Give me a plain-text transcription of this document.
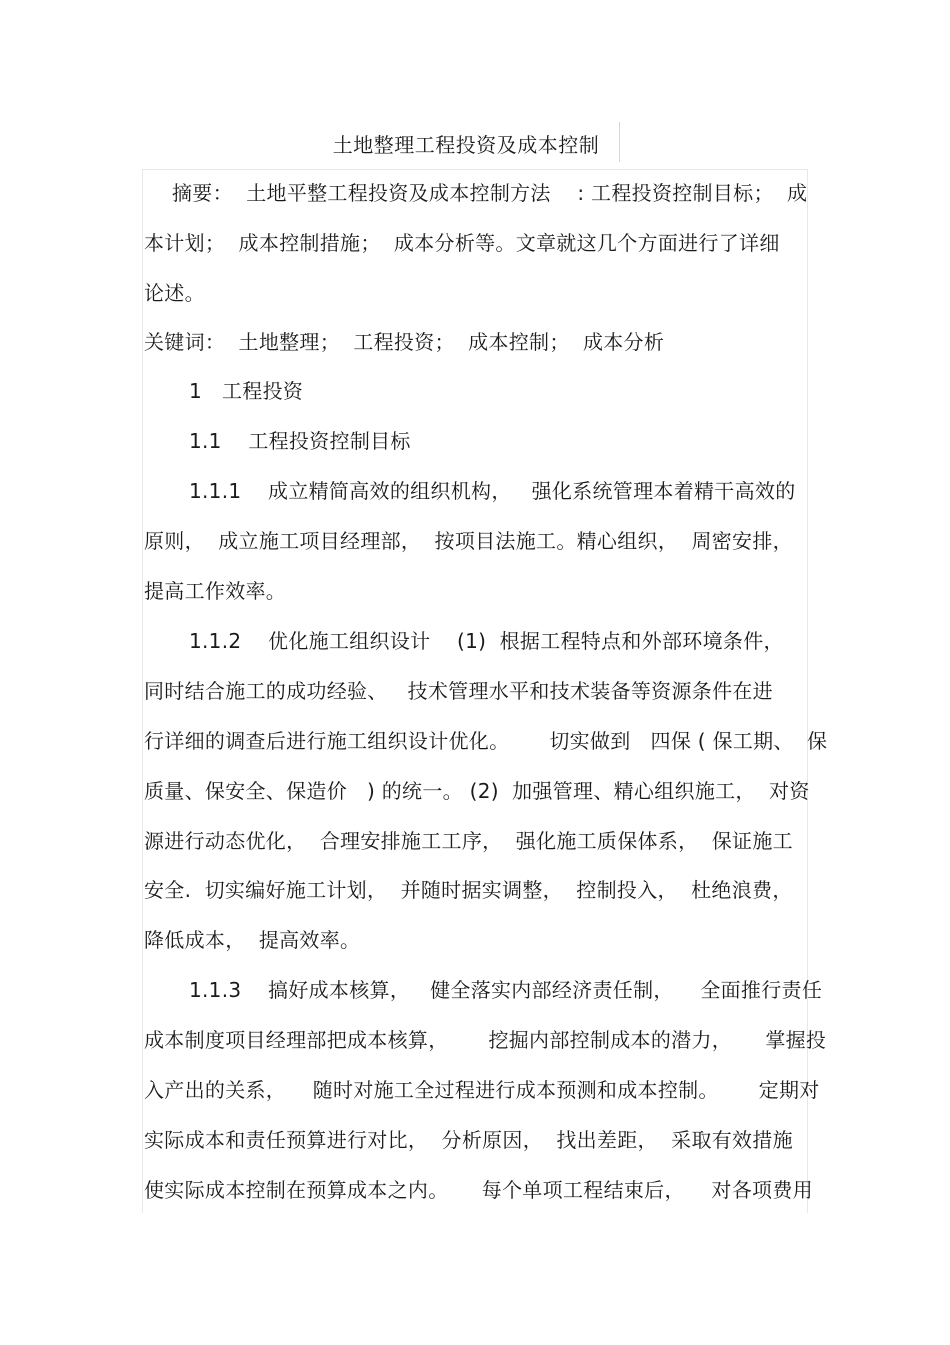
土地整理工程投资及成本控制
摘要：  土地平整工程投资及成本控制方法    : 工程投资控制目标；  成
本计划；  成本控制措施；  成本分析等。文章就这几个方面进行了详细
论述。
关键词：  土地整理；  工程投资；  成本控制；  成本分析
1   工程投资
1.1    工程投资控制目标
1.1.1    成立精简高效的组织机构，   强化系统管理本着精干高效的
原则，  成立施工项目经理部，  按项目法施工。精心组织，  周密安排，
提高工作效率。
1.1.2    优化施工组织设计    (1)  根据工程特点和外部环境条件，
同时结合施工的成功经验、   技术管理水平和技术装备等资源条件在进
行详细的调查后进行施工组织设计优化。      切实做到   四保 ( 保工期、  保
质量、保安全、保造价   ) 的统一。 (2)  加强管理、精心组织施工，  对资
源进行动态优化，  合理安排施工工序，  强化施工质保体系，  保证施工
安全.  切实编好施工计划，  并随时据实调整，  控制投入，  杜绝浪费，
降低成本，  提高效率。
1.1.3    搞好成本核算，   健全落实内部经济责任制，    全面推行责任
成本制度项目经理部把成本核算，      挖掘内部控制成本的潜力，     掌握投
入产出的关系，    随时对施工全过程进行成本预测和成本控制。      定期对
实际成本和责任预算进行对比，  分析原因，  找出差距，  采取有效措施
使实际成本控制在预算成本之内。     每个单项工程结束后，    对各项费用
